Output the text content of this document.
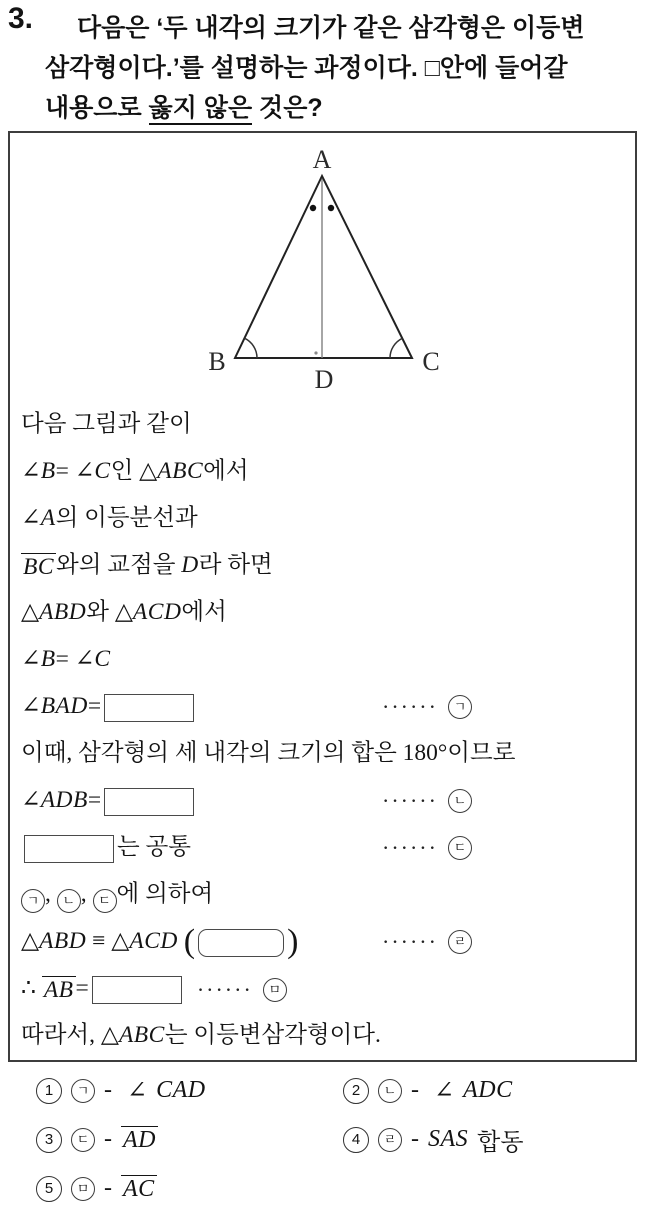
3. 다음은 ‘두 내각의 크기가 같은 삼각형은 이등변
삼각형이다.’를 설명하는 과정이다. □안에 들어갈
내용으로 옳지 않은 것은?
A
B	C
D
다음 그림과 같이
∠B= ∠C인 △ABC에서
∠A의 이등분선과
BC와의 교점을 D라 하면
△ABD와 △ACD에서
∠B= ∠C
∠BAD=	······	ㄱ
이때, 삼각형의 세 내각의 크기의 합은 180°이므로
∠ADB=	······	ㄴ
는 공통	······	ㄷ
ㄱ , ㄴ , ㄷ 에 의하여
△ABD ≡ △ACD (	)	······	ㄹ
∴ AB=	······	ㅁ
따라서, △ABC는 이등변삼각형이다.
1	ㄱ - ∠ CAD	2	ㄴ - ∠ ADC
3	ㄷ - AD	4	ㄹ - SAS 합동
5	ㅁ - AC
